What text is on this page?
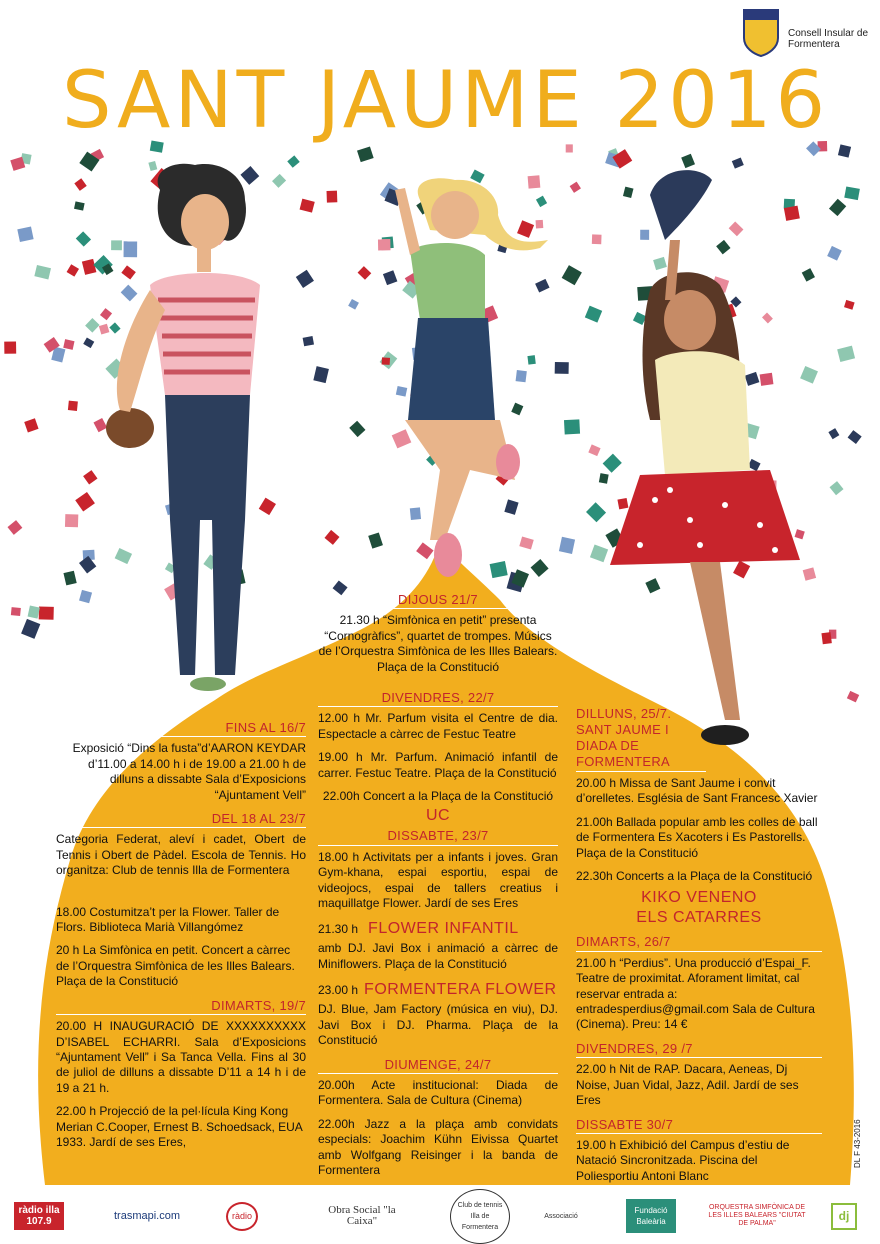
SANT JAUME 2016
Consell Insular de Formentera
DIJOUS 21/7
21.30 h “Simfònica en petit” presenta “Cornogràfics”, quartet de trompes. Músics de l’Orquestra Simfònica de les Illes Balears. Plaça de la Constitució
FINS AL 16/7
Exposició “Dins la fusta”d’AARON KEYDAR d’11.00 a 14.00 h i de 19.00 a 21.00 h de dilluns a dissabte Sala d’Exposicions “Ajuntament Vell”
DEL 18 AL 23/7
Categoria Federat, aleví i cadet, Obert de Tennis i Obert de Pàdel. Escola de Tennis. Ho organitza: Club de tennis Illa de Formentera
18.00 Costumitza’t per la Flower. Taller de Flors. Biblioteca Marià Villangómez
20 h La Simfònica en petit. Concert a càrrec de l’Orquestra Simfònica de les Illes Balears. Plaça de la Constitució
DIMARTS, 19/7
20.00 H INAUGURACIÓ DE XXXXXXXXXX D’ISABEL ECHARRI. Sala d’Exposicions “Ajuntament Vell” i Sa Tanca Vella. Fins al 30 de juliol de dilluns a dissabte D’11 a 14 h i de 19 a 21 h.
22.00 h Projecció de la pel·lícula King Kong Merian C.Cooper, Ernest B. Schoedsack, EUA 1933. Jardí de ses Eres,
DIVENDRES, 22/7
12.00 h Mr. Parfum visita el Centre de dia. Espectacle a càrrec de Festuc Teatre
19.00 h Mr. Parfum. Animació infantil de carrer. Festuc Teatre. Plaça de la Constitució
22.00h Concert a la Plaça de la Constitució
UC
DISSABTE, 23/7
18.00 h Activitats per a infants i joves. Gran Gym-khana, espai esportiu, espai de videojocs, espai de tallers creatius i maquillatge Flower. Jardí de ses Eres
21.30 h FLOWER INFANTIL
amb DJ. Javi Box i animació a càrrec de Miniflowers. Plaça de la Constitució
23.00 h FORMENTERA FLOWER
DJ. Blue, Jam Factory (música en viu), DJ. Javi Box i DJ. Pharma. Plaça de la Constitució
DIUMENGE, 24/7
20.00h Acte institucional: Diada de Formentera. Sala de Cultura (Cinema)
22.00h Jazz a la plaça amb convidats especials: Joachim Kühn Eivissa Quartet amb Wolfgang Reisinger i la banda de Formentera
DILLUNS, 25/7. SANT JAUME I DIADA DE FORMENTERA
20.00 h Missa de Sant Jaume i convit d’orelletes. Església de Sant Francesc Xavier
21.00h Ballada popular amb les colles de ball de Formentera Es Xacoters i Es Pastorells. Plaça de la Constitució
22.30h Concerts a la Plaça de la Constitució
KIKO VENENO
ELS CATARRES
DIMARTS, 26/7
21.00 h “Perdius”. Una producció d’Espai_F. Teatre de proximitat. Aforament limitat, cal reservar entrada a: entradesperdius@gmail.com Sala de Cultura (Cinema). Preu: 14 €
DIVENDRES, 29 /7
22.00 h Nit de RAP. Dacara, Aeneas, Dj Noise, Juan Vidal, Jazz, Adil. Jardí de ses Eres
DISSABTE 30/7
19.00 h Exhibició del Campus d’estiu de Natació Sincronitzada. Piscina del Poliesportiu Antoni Blanc
DL F 43-2016
ràdio illa 107.9	trasmapi.com	ràdio	Obra Social "la Caixa"
Club de tennis Illa de Formentera
Associació
Fundació Baleària
ORQUESTRA SIMFÒNICA DE LES ILLES BALEARS "CIUTAT DE PALMA"
dj
